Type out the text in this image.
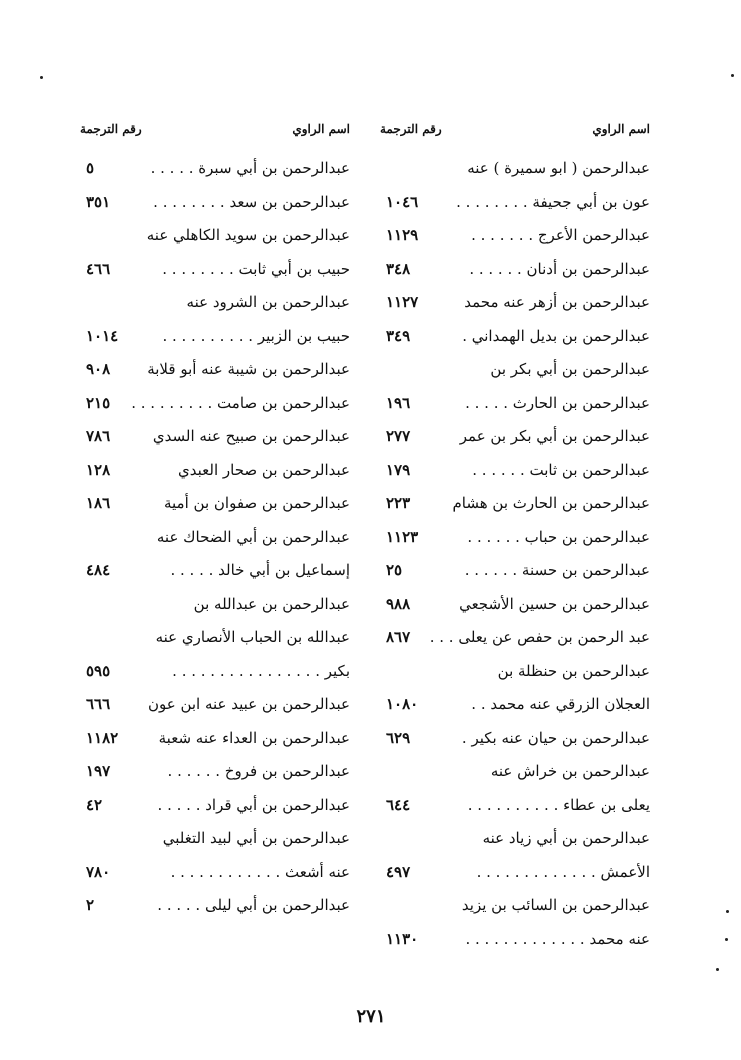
اسم الراوي
رقم الترجمة
عبدالرحمن ( ابو سميرة ) عنه
عون بن أبي جحيفة . . . . . . . .
١٠٤٦
عبدالرحمن الأعرج . . . . . . .
١١٢٩
عبدالرحمن بن أدنان . . . . . .
٣٤٨
عبدالرحمن بن أزهر عنه محمد
١١٢٧
عبدالرحمن بن بديل الهمداني .
٣٤٩
عبدالرحمن بن أبي بكر بن
عبدالرحمن بن الحارث . . . . .
١٩٦
عبدالرحمن بن أبي بكر بن عمر
٢٧٧
عبدالرحمن بن ثابت . . . . . .
١٧٩
عبدالرحمن بن الحارث بن هشام
٢٢٣
عبدالرحمن بن حباب . . . . . .
١١٢٣
عبدالرحمن بن حسنة . . . . . .
٢٥
عبدالرحمن بن حسين الأشجعي
٩٨٨
عبد الرحمن بن حفص عن يعلى . . .
٨٦٧
عبدالرحمن بن حنظلة بن
العجلان الزرقي عنه محمد . .
١٠٨٠
عبدالرحمن بن حيان عنه بكير .
٦٢٩
عبدالرحمن بن خراش عنه
يعلى بن عطاء . . . . . . . . . .
٦٤٤
عبدالرحمن بن أبي زياد عنه
الأعمش . . . . . . . . . . . . .
٤٩٧
عبدالرحمن بن السائب بن يزيد
عنه محمد . . . . . . . . . . . . .
١١٣٠
اسم الراوي
رقم الترجمة
عبدالرحمن بن أبي سبرة . . . . .
٥
عبدالرحمن بن سعد . . . . . . . .
٣٥١
عبدالرحمن بن سويد الكاهلي عنه
حبيب بن أبي ثابت . . . . . . . .
٤٦٦
عبدالرحمن بن الشرود عنه
حبيب بن الزبير . . . . . . . . . .
١٠١٤
عبدالرحمن بن شيبة عنه أبو قلابة
٩٠٨
عبدالرحمن بن صامت . . . . . . . . .
٢١٥
عبدالرحمن بن صبيح عنه السدي
٧٨٦
عبدالرحمن بن صحار العبدي
١٢٨
عبدالرحمن بن صفوان بن أمية
١٨٦
عبدالرحمن بن أبي الضحاك عنه
إسماعيل بن أبي خالد . . . . .
٤٨٤
عبدالرحمن بن عبدالله بن
عبدالله بن الحباب الأنصاري عنه
بكير . . . . . . . . . . . . . . . .
٥٩٥
عبدالرحمن بن عبيد عنه ابن عون
٦٦٦
عبدالرحمن بن العداء عنه شعبة
١١٨٢
عبدالرحمن بن فروخ . . . . . .
١٩٧
عبدالرحمن بن أبي قراد . . . . .
٤٢
عبدالرحمن بن أبي لبيد التغلبي
عنه أشعث . . . . . . . . . . . .
٧٨٠
عبدالرحمن بن أبي ليلى . . . . .
٢
٢٧١
